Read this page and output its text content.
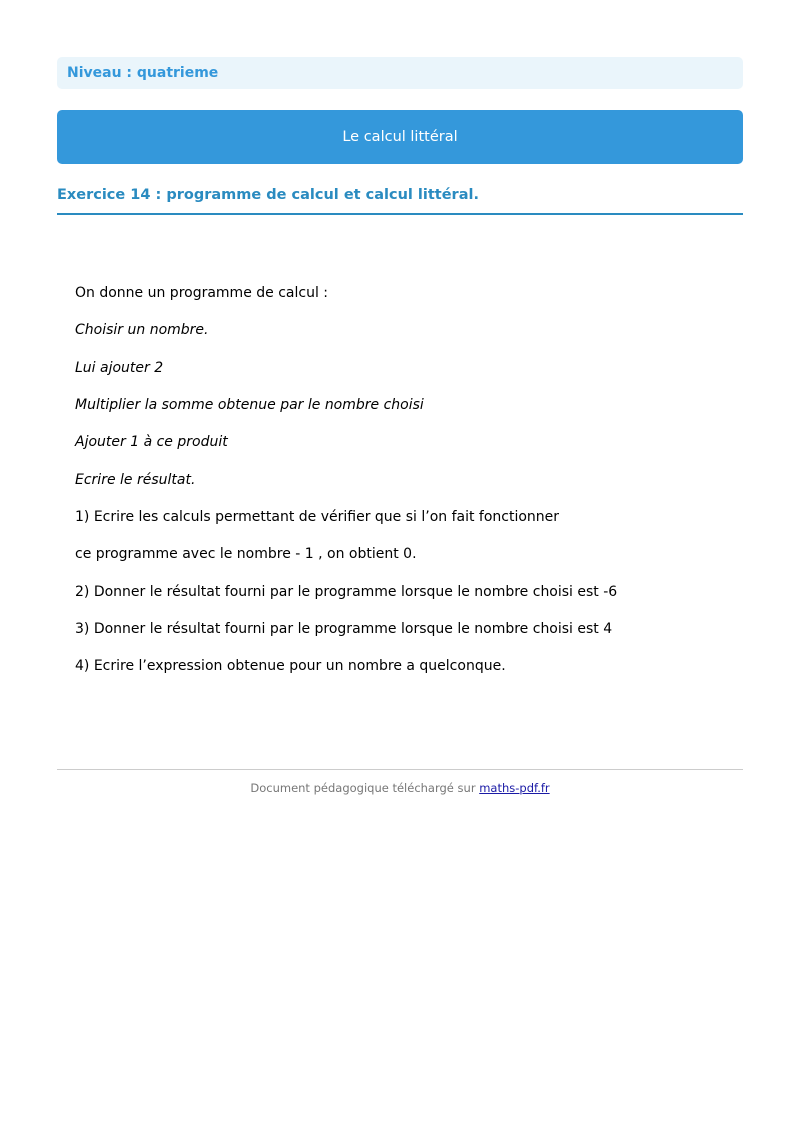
Niveau : quatrieme
Le calcul littéral
Exercice 14 : programme de calcul et calcul littéral.
On donne un programme de calcul :
Choisir un nombre.
Lui ajouter 2
Multiplier la somme obtenue par le nombre choisi
Ajouter 1 à ce produit
Ecrire le résultat.
1) Ecrire les calculs permettant de vérifier que si l’on fait fonctionner
ce programme avec le nombre - 1 , on obtient 0.
2) Donner le résultat fourni par le programme lorsque le nombre choisi est -6
3) Donner le résultat fourni par le programme lorsque le nombre choisi est 4
4) Ecrire l’expression obtenue pour un nombre a quelconque.
Document pédagogique téléchargé sur maths-pdf.fr
